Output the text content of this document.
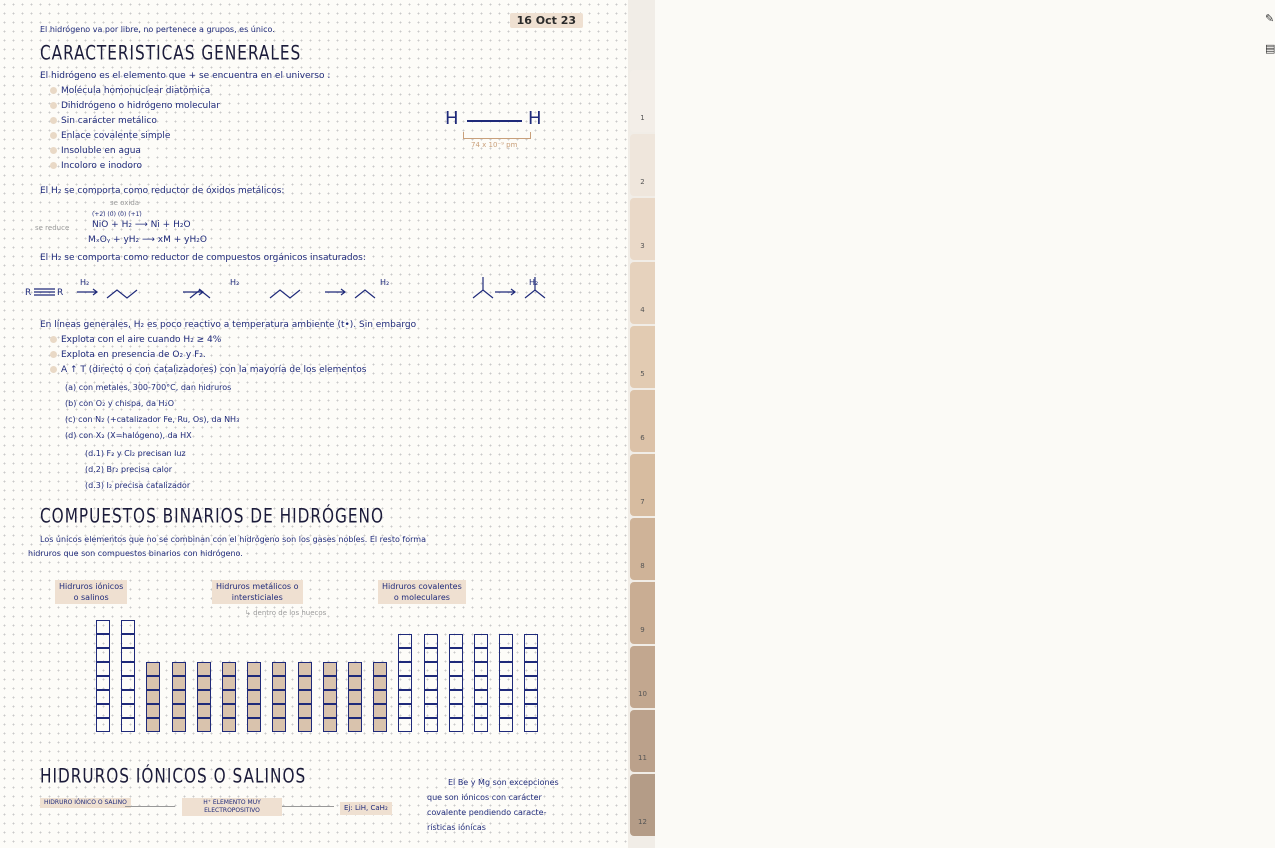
El hidrógeno va por libre, no pertenece a grupos, es único.
16 Oct 23
CARACTERISTICAS GENERALES
El hidrógeno es el elemento que + se encuentra en el universo :
Molécula homonuclear diatómica
Dihidrógeno o hidrógeno molecular
Sin carácter metálico
Enlace covalente simple
Insoluble en agua
Incoloro e inodoro
H	H
74 x 10⁻⁹ pm
El H₂ se comporta como reductor de óxidos metálicos:
se oxida
(+2) (0) (0) (+1)
se reduce	NiO + H₂ ⟶ Ni + H₂O
MₓOᵧ + yH₂ ⟶ xM + yH₂O
El H₂ se comporta como reductor de compuestos orgánicos insaturados:
R	R
H₂	H₂	H₂	H₂
En líneas generales, H₂ es poco reactivo a temperatura ambiente (t•). Sin embargo
Explota con el aire cuando H₂ ≥ 4%
Explota en presencia de O₂ y F₂.
A ↑ T (directo o con catalizadores) con la mayoría de los elementos
(a) con metales, 300-700°C, dan hidruros
(b) con O₂ y chispa, da H₂O
(c) con N₂ (+catalizador Fe, Ru, Os), da NH₃
(d) con X₂ (X=halógeno), da HX
(d.1) F₂ y Cl₂ precisan luz
(d.2) Br₂ precisa calor
(d.3) I₂ precisa catalizador
COMPUESTOS BINARIOS DE HIDRÓGENO
Los únicos elementos que no se combinan con el hidrógeno son los gases nobles. El resto forma
hidruros que son compuestos binarios con hidrógeno.
Hidruros iónicos
o salinos
Hidruros metálicos o
intersticiales
Hidruros covalentes
o moleculares
↳ dentro de los huecos
HIDRUROS IÓNICOS O SALINOS
HIDRURO IÓNICO O SALINO	H⁺ ELEMENTO MUY ELECTROPOSITIVO	Ej: LiH, CaH₂
El Be y Mg son excepciones
que son iónicos con carácter
covalente pendiendo caracte-
rísticas iónicas
✎
▤
1
2
3
4
5
6
7
8
9
10
11
12
